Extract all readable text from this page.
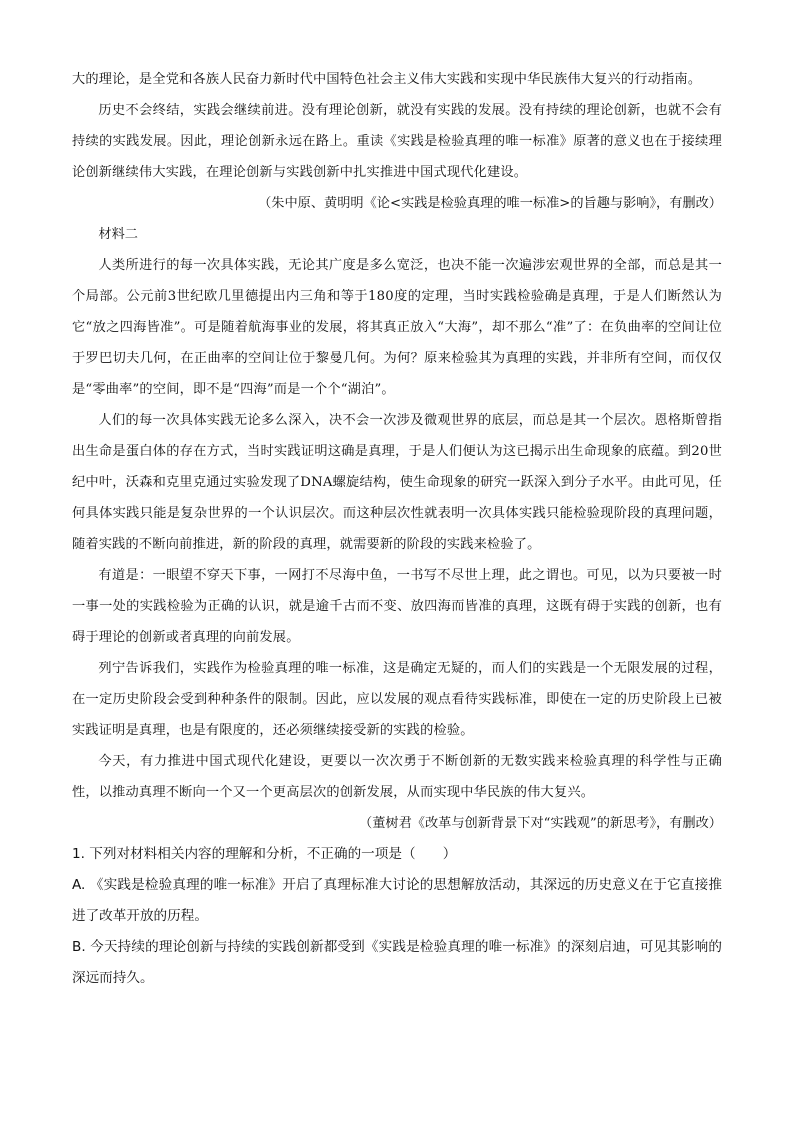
大的理论，是全党和各族人民奋力新时代中国特色社会主义伟大实践和实现中华民族伟大复兴的行动指南。

历史不会终结，实践会继续前进。没有理论创新，就没有实践的发展。没有持续的理论创新，也就不会有持续的实践发展。因此，理论创新永远在路上。重读《实践是检验真理的唯一标准》原著的意义也在于接续理论创新继续伟大实践，在理论创新与实践创新中扎实推进中国式现代化建设。

（朱中原、黄明明《论<实践是检验真理的唯一标准>的旨趣与影响》，有删改）

材料二

人类所进行的每一次具体实践，无论其广度是多么宽泛，也决不能一次遍涉宏观世界的全部，而总是其一个局部。公元前3世纪欧几里德提出内三角和等于180度的定理，当时实践检验确是真理，于是人们断然认为它“放之四海皆准”。可是随着航海事业的发展，将其真正放入“大海”，却不那么“准”了：在负曲率的空间让位于罗巴切夫几何，在正曲率的空间让位于黎曼几何。为何？原来检验其为真理的实践，并非所有空间，而仅仅是“零曲率”的空间，即不是“四海”而是一个个“湖泊”。

人们的每一次具体实践无论多么深入，决不会一次涉及微观世界的底层，而总是其一个层次。恩格斯曾指出生命是蛋白体的存在方式，当时实践证明这确是真理，于是人们便认为这已揭示出生命现象的底蕴。到20世纪中叶，沃森和克里克通过实验发现了DNA螺旋结构，使生命现象的研究一跃深入到分子水平。由此可见，任何具体实践只能是复杂世界的一个认识层次。而这种层次性就表明一次具体实践只能检验现阶段的真理问题，随着实践的不断向前推进，新的阶段的真理，就需要新的阶段的实践来检验了。

有道是：一眼望不穿天下事，一网打不尽海中鱼，一书写不尽世上理，此之谓也。可见，以为只要被一时一事一处的实践检验为正确的认识，就是逾千古而不变、放四海而皆准的真理，这既有碍于实践的创新，也有碍于理论的创新或者真理的向前发展。

列宁告诉我们，实践作为检验真理的唯一标准，这是确定无疑的，而人们的实践是一个无限发展的过程，在一定历史阶段会受到种种条件的限制。因此，应以发展的观点看待实践标准，即使在一定的历史阶段上已被实践证明是真理，也是有限度的，还必须继续接受新的实践的检验。

今天，有力推进中国式现代化建设，更要以一次次勇于不断创新的无数实践来检验真理的科学性与正确性，以推动真理不断向一个又一个更高层次的创新发展，从而实现中华民族的伟大复兴。

（董树君《改革与创新背景下对“实践观”的新思考》，有删改）

1. 下列对材料相关内容的理解和分析，不正确的一项是（　　）

A. 《实践是检验真理的唯一标准》开启了真理标准大讨论的思想解放活动，其深远的历史意义在于它直接推进了改革开放的历程。

B. 今天持续的理论创新与持续的实践创新都受到《实践是检验真理的唯一标准》的深刻启迪，可见其影响的深远而持久。
